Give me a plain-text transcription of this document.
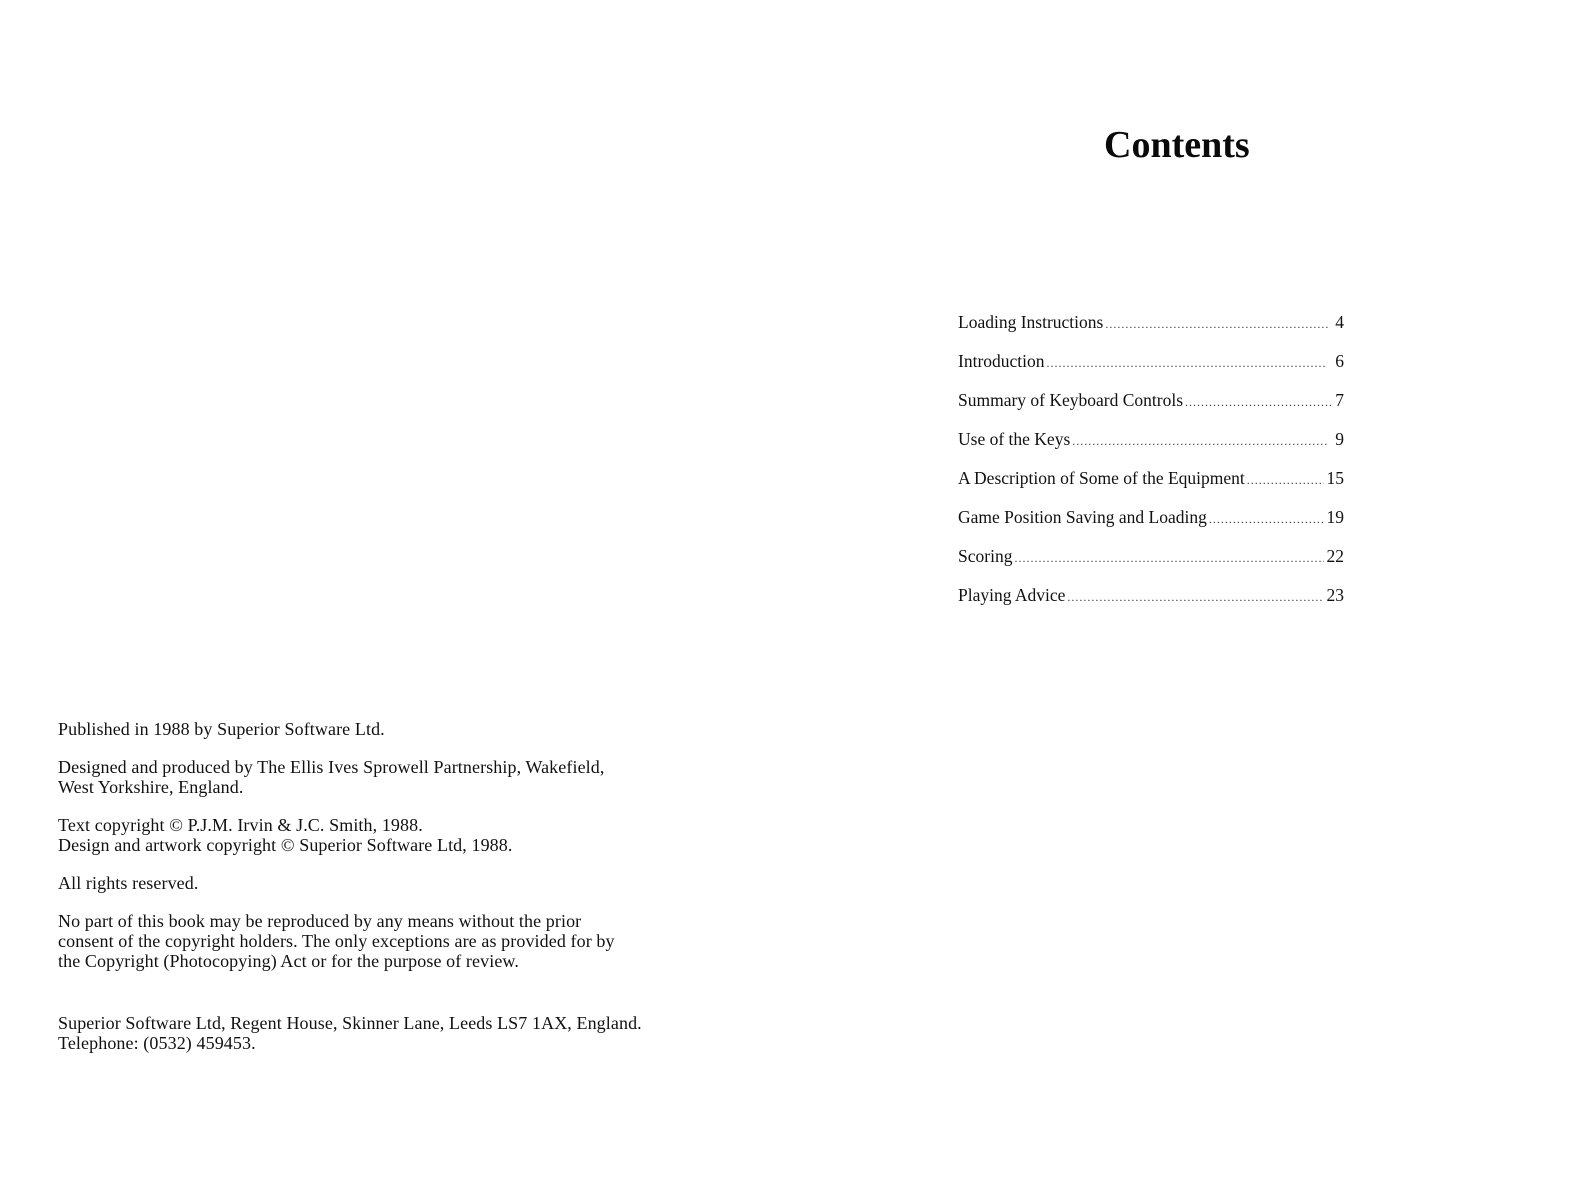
Published in 1988 by Superior Software Ltd.

Designed and produced by The Ellis Ives Sprowell Partnership, Wakefield,
West Yorkshire, England.

Text copyright © P.J.M. Irvin & J.C. Smith, 1988.
Design and artwork copyright © Superior Software Ltd, 1988.

All rights reserved.

No part of this book may be reproduced by any means without the prior
consent of the copyright holders. The only exceptions are as provided for by
the Copyright (Photocopying) Act or for the purpose of review.

Superior Software Ltd, Regent House, Skinner Lane, Leeds LS7 1AX, England.
Telephone: (0532) 459453.

Contents
Loading Instructions .....	4
Introduction .....	6
Summary of Keyboard Controls .....	7
Use of the Keys .....	9
A Description of Some of the Equipment .....	15
Game Position Saving and Loading .....	19
Scoring .....	22
Playing Advice .....	23
